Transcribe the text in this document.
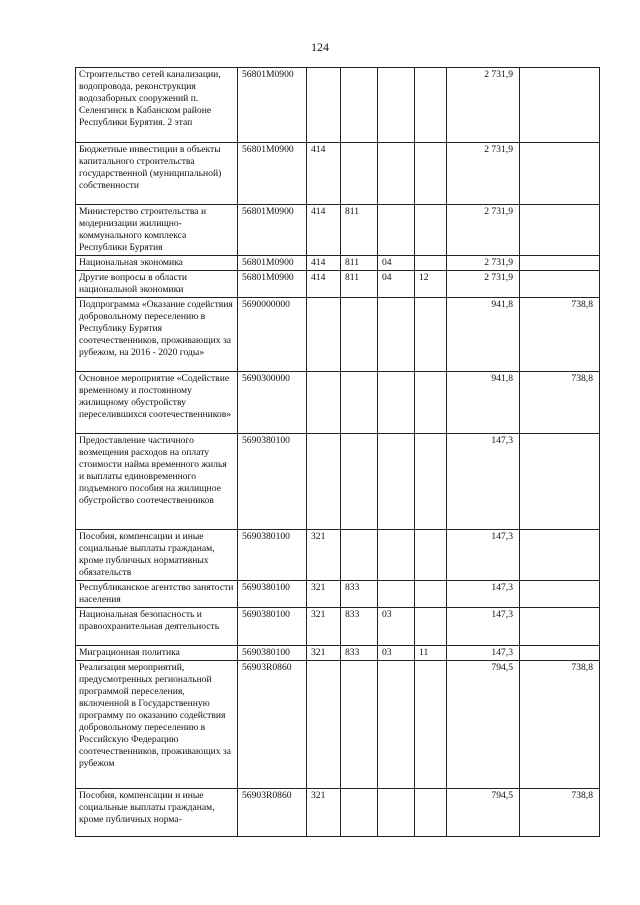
124
Строительство сетей канализации, водопровода, реконструкция водозаборных сооружений п. Селенгинск в Кабанском районе Республики Бурятия. 2 этап	56801M0900					2 731,9	
Бюджетные инвестиции в объекты капитального строительства государственной (муниципальной) собственности	56801M0900	414				2 731,9	
Министерство строительства и модернизации жилищно-коммунального комплекса Республики Бурятия	56801M0900	414	811			2 731,9	
Национальная экономика	56801M0900	414	811	04		2 731,9	
Другие вопросы в области национальной экономики	56801M0900	414	811	04	12	2 731,9	
Подпрограмма «Оказание содействия добровольному переселению в Республику Бурятия соотечественников, проживающих за рубежом, на 2016 - 2020 годы»	5690000000					941,8	738,8
Основное мероприятие «Содействие временному и постоянному жилищному обустройству переселившихся соотечественников»	5690300000					941,8	738,8
Предоставление частичного возмещения расходов на оплату стоимости найма временного жилья и выплаты единовременного подъемного пособия на жилищное обустройство соотечественников	5690380100					147,3	
Пособия, компенсации и иные социальные выплаты гражданам, кроме публичных нормативных обязательств	5690380100	321				147,3	
Республиканское агентство занятости населения	5690380100	321	833			147,3	
Национальная безопасность и правоохранительная деятельность	5690380100	321	833	03		147,3	
Миграционная политика	5690380100	321	833	03	11	147,3	
Реализация мероприятий, предусмотренных региональной программой переселения, включенной в Государственную программу по оказанию содействия добровольному переселению в Российскую Федерацию соотечественников, проживающих за рубежом	56903R0860					794,5	738,8
Пособия, компенсации и иные социальные выплаты гражданам, кроме публичных норма-	56903R0860	321				794,5	738,8
